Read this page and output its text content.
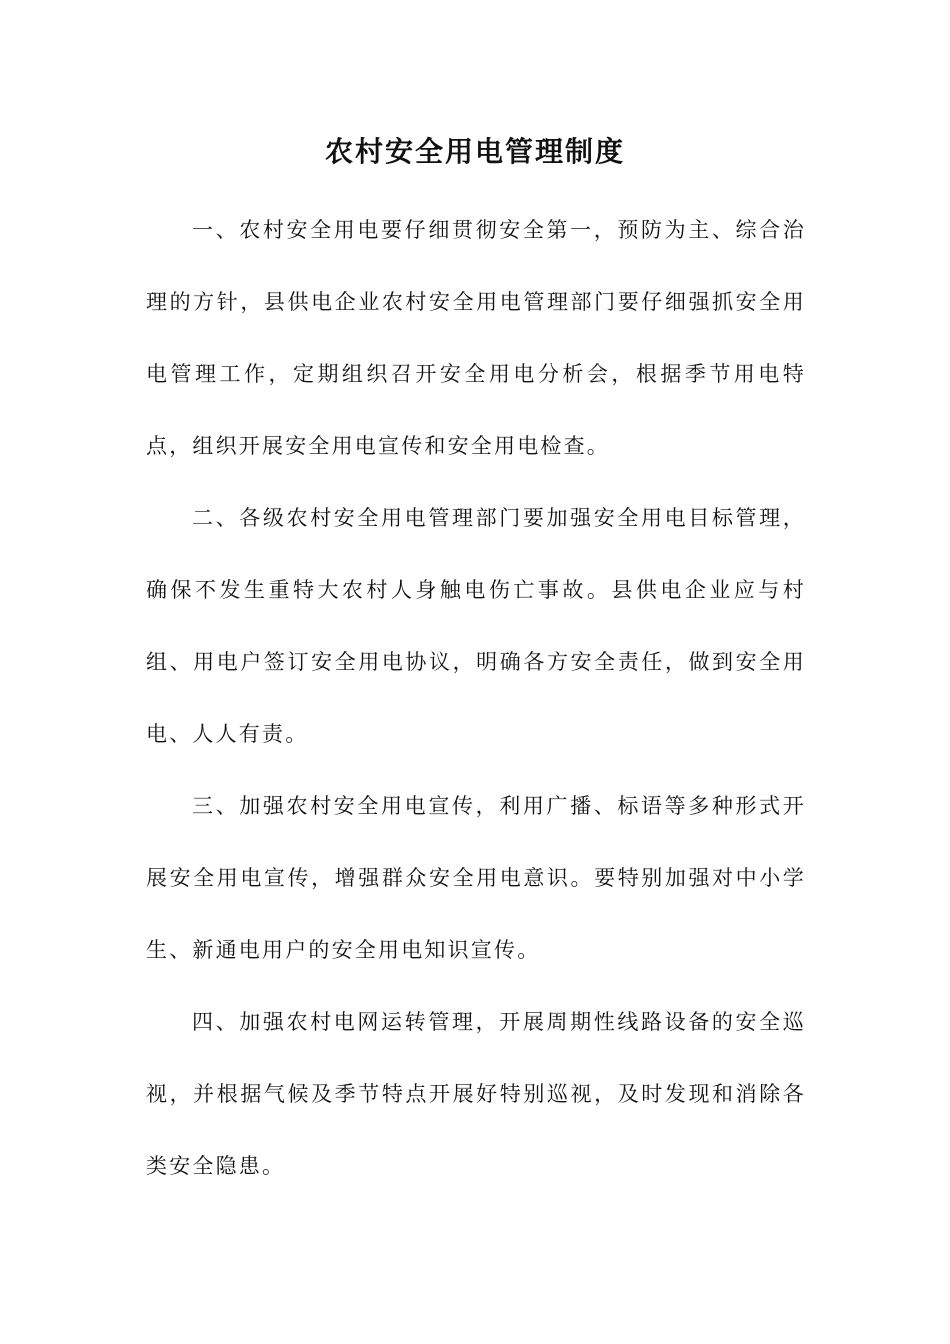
农村安全用电管理制度

一、农村安全用电要仔细贯彻安全第一，预防为主、综合治理的方针，县供电企业农村安全用电管理部门要仔细强抓安全用电管理工作，定期组织召开安全用电分析会，根据季节用电特点，组织开展安全用电宣传和安全用电检查。

二、各级农村安全用电管理部门要加强安全用电目标管理，确保不发生重特大农村人身触电伤亡事故。县供电企业应与村组、用电户签订安全用电协议，明确各方安全责任，做到安全用电、人人有责。

三、加强农村安全用电宣传，利用广播、标语等多种形式开展安全用电宣传，增强群众安全用电意识。要特别加强对中小学生、新通电用户的安全用电知识宣传。

四、加强农村电网运转管理，开展周期性线路设备的安全巡视，并根据气候及季节特点开展好特别巡视，及时发现和消除各类安全隐患。
